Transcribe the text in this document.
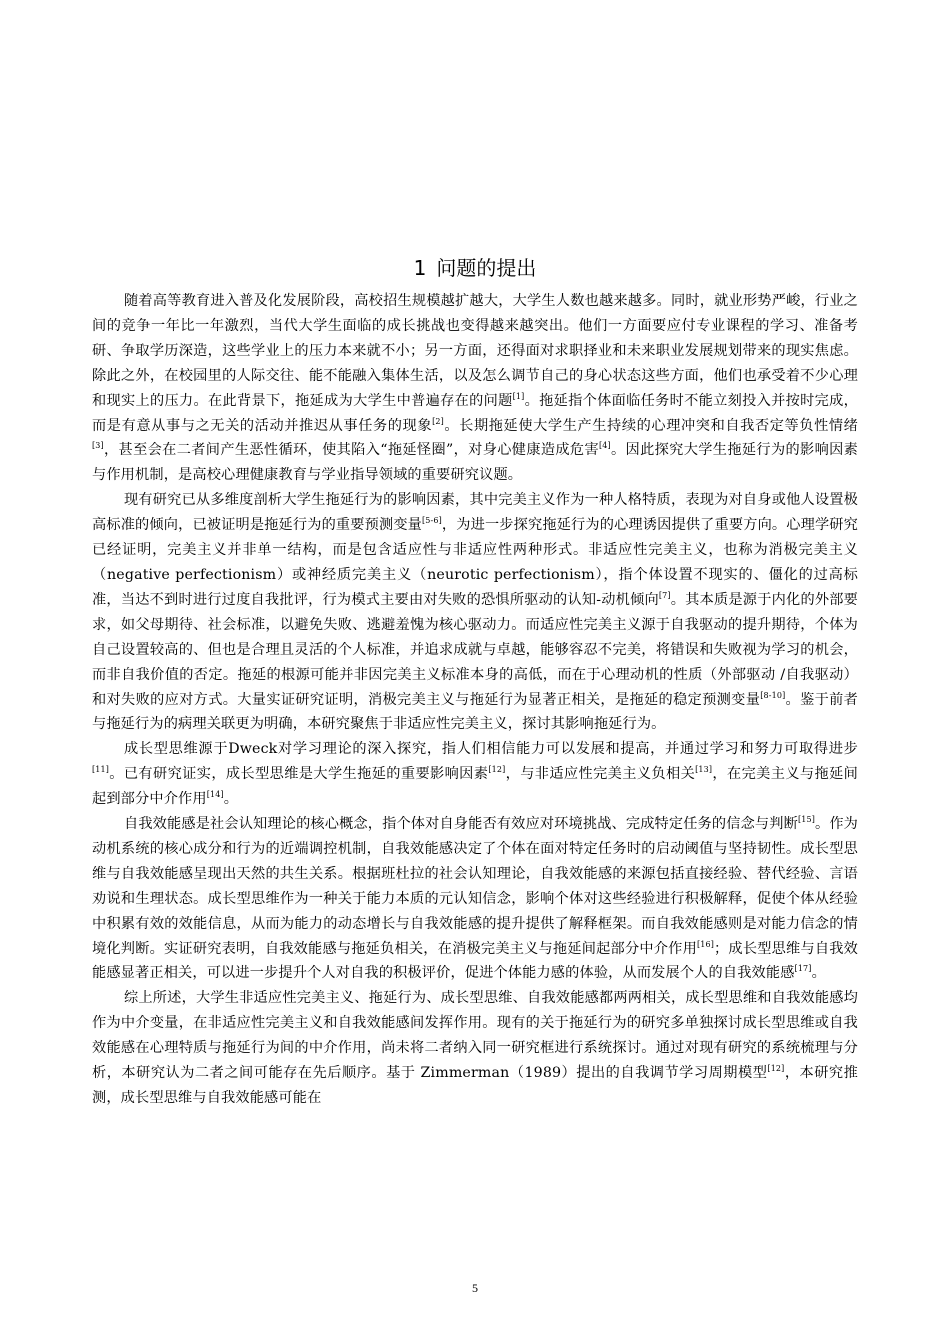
1 问题的提出

随着高等教育进入普及化发展阶段，高校招生规模越扩越大，大学生人数也越来越多。同时，就业形势严峻，行业之间的竞争一年比一年激烈，当代大学生面临的成长挑战也变得越来越突出。他们一方面要应付专业课程的学习、准备考研、争取学历深造，这些学业上的压力本来就不小；另一方面，还得面对求职择业和未来职业发展规划带来的现实焦虑。除此之外，在校园里的人际交往、能不能融入集体生活，以及怎么调节自己的身心状态这些方面，他们也承受着不少心理和现实上的压力。在此背景下，拖延成为大学生中普遍存在的问题[1]。拖延指个体面临任务时不能立刻投入并按时完成，而是有意从事与之无关的活动并推迟从事任务的现象[2]。长期拖延使大学生产生持续的心理冲突和自我否定等负性情绪[3]，甚至会在二者间产生恶性循环，使其陷入“拖延怪圈”，对身心健康造成危害[4]。因此探究大学生拖延行为的影响因素与作用机制，是高校心理健康教育与学业指导领域的重要研究议题。

现有研究已从多维度剖析大学生拖延行为的影响因素，其中完美主义作为一种人格特质，表现为对自身或他人设置极高标准的倾向，已被证明是拖延行为的重要预测变量[5-6]，为进一步探究拖延行为的心理诱因提供了重要方向。心理学研究已经证明，完美主义并非单一结构，而是包含适应性与非适应性两种形式。非适应性完美主义，也称为消极完美主义（negative perfectionism）或神经质完美主义（neurotic perfectionism），指个体设置不现实的、僵化的过高标准，当达不到时进行过度自我批评，行为模式主要由对失败的恐惧所驱动的认知-动机倾向[7]。其本质是源于内化的外部要求，如父母期待、社会标准，以避免失败、逃避羞愧为核心驱动力。而适应性完美主义源于自我驱动的提升期待，个体为自己设置较高的、但也是合理且灵活的个人标准，并追求成就与卓越，能够容忍不完美，将错误和失败视为学习的机会，而非自我价值的否定。拖延的根源可能并非因完美主义标准本身的高低，而在于心理动机的性质（外部驱动 /自我驱动）和对失败的应对方式。大量实证研究证明，消极完美主义与拖延行为显著正相关，是拖延的稳定预测变量[8-10]。鉴于前者与拖延行为的病理关联更为明确，本研究聚焦于非适应性完美主义，探讨其影响拖延行为。

成长型思维源于Dweck对学习理论的深入探究，指人们相信能力可以发展和提高，并通过学习和努力可取得进步[11]。已有研究证实，成长型思维是大学生拖延的重要影响因素[12]，与非适应性完美主义负相关[13]，在完美主义与拖延间起到部分中介作用[14]。

自我效能感是社会认知理论的核心概念，指个体对自身能否有效应对环境挑战、完成特定任务的信念与判断[15]。作为动机系统的核心成分和行为的近端调控机制，自我效能感决定了个体在面对特定任务时的启动阈值与坚持韧性。成长型思维与自我效能感呈现出天然的共生关系。根据班杜拉的社会认知理论，自我效能感的来源包括直接经验、替代经验、言语劝说和生理状态。成长型思维作为一种关于能力本质的元认知信念，影响个体对这些经验进行积极解释，促使个体从经验中积累有效的效能信息，从而为能力的动态增长与自我效能感的提升提供了解释框架。而自我效能感则是对能力信念的情境化判断。实证研究表明，自我效能感与拖延负相关，在消极完美主义与拖延间起部分中介作用[16]；成长型思维与自我效能感显著正相关，可以进一步提升个人对自我的积极评价，促进个体能力感的体验，从而发展个人的自我效能感[17]。

综上所述，大学生非适应性完美主义、拖延行为、成长型思维、自我效能感都两两相关，成长型思维和自我效能感均作为中介变量，在非适应性完美主义和自我效能感间发挥作用。现有的关于拖延行为的研究多单独探讨成长型思维或自我效能感在心理特质与拖延行为间的中介作用，尚未将二者纳入同一研究框进行系统探讨。通过对现有研究的系统梳理与分析，本研究认为二者之间可能存在先后顺序。基于 Zimmerman（1989）提出的自我调节学习周期模型[12]，本研究推测，成长型思维与自我效能感可能在

5
